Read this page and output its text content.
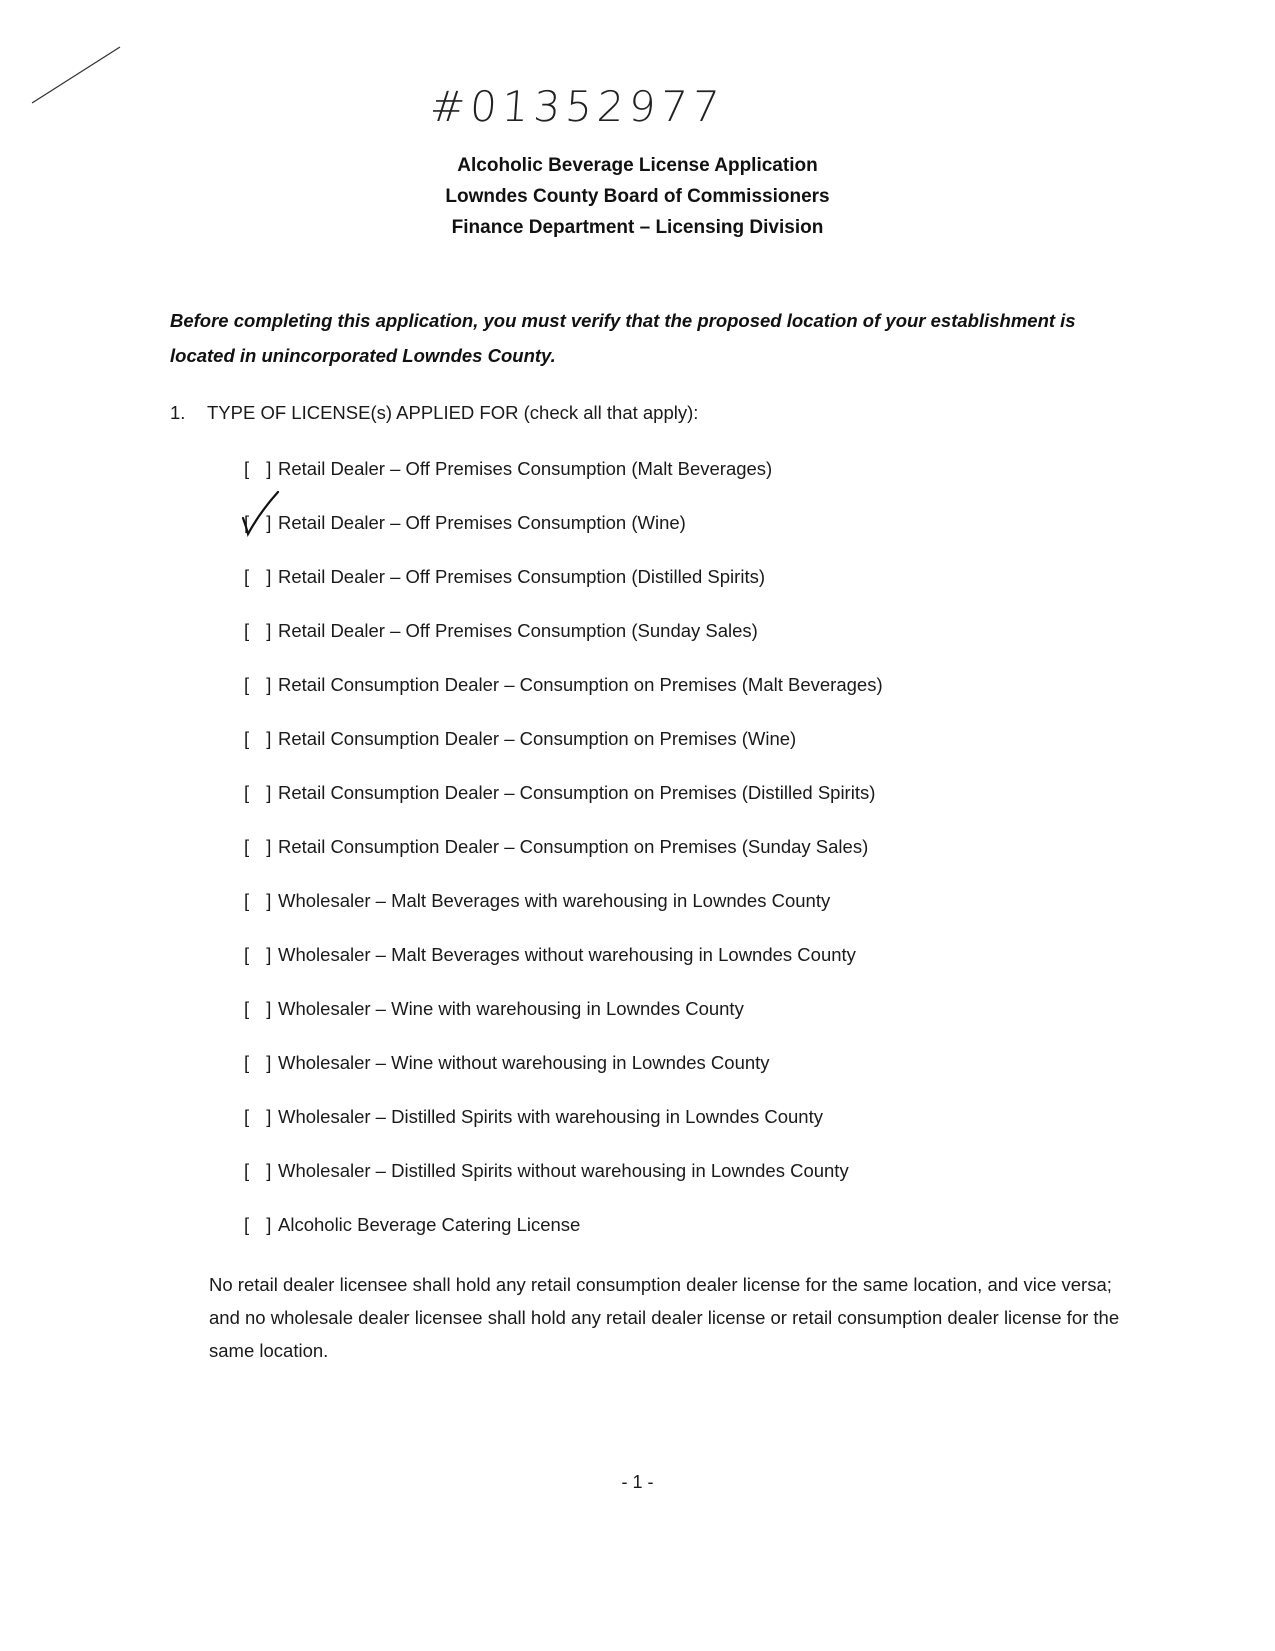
#01352977
Alcoholic Beverage License Application
Lowndes County Board of Commissioners
Finance Department – Licensing Division
Before completing this application, you must verify that the proposed location of your establishment is located in unincorporated Lowndes County.
1. TYPE OF LICENSE(s) APPLIED FOR (check all that apply):
[ ] Retail Dealer – Off Premises Consumption (Malt Beverages)
[ ] Retail Dealer – Off Premises Consumption (Wine)
[ ] Retail Dealer – Off Premises Consumption (Distilled Spirits)
[ ] Retail Dealer – Off Premises Consumption (Sunday Sales)
[ ] Retail Consumption Dealer – Consumption on Premises (Malt Beverages)
[ ] Retail Consumption Dealer – Consumption on Premises (Wine)
[ ] Retail Consumption Dealer – Consumption on Premises (Distilled Spirits)
[ ] Retail Consumption Dealer – Consumption on Premises (Sunday Sales)
[ ] Wholesaler – Malt Beverages with warehousing in Lowndes County
[ ] Wholesaler – Malt Beverages without warehousing in Lowndes County
[ ] Wholesaler – Wine with warehousing in Lowndes County
[ ] Wholesaler – Wine without warehousing in Lowndes County
[ ] Wholesaler – Distilled Spirits with warehousing in Lowndes County
[ ] Wholesaler – Distilled Spirits without warehousing in Lowndes County
[ ] Alcoholic Beverage Catering License
No retail dealer licensee shall hold any retail consumption dealer license for the same location, and vice versa; and no wholesale dealer licensee shall hold any retail dealer license or retail consumption dealer license for the same location.
- 1 -
